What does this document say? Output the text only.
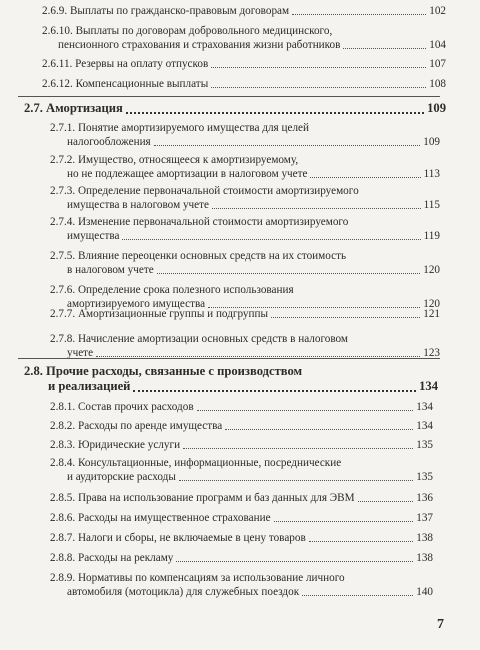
2.6.9. Выплаты по гражданско-правовым договорам	102
2.6.10. Выплаты по договорам добровольного медицинского,
пенсионного страхования и страхования жизни работников	104
2.6.11. Резервы на оплату отпусков	107
2.6.12. Компенсационные выплаты	108
2.7. Амортизация	109
2.7.1. Понятие амортизируемого имущества для целей
налогообложения	109
2.7.2. Имущество, относящееся к амортизируемому,
но не подлежащее амортизации в налоговом учете	113
2.7.3. Определение первоначальной стоимости амортизируемого
имущества в налоговом учете	115
2.7.4. Изменение первоначальной стоимости амортизируемого
имущества	119
2.7.5. Влияние переоценки основных средств на их стоимость
в налоговом учете	120
2.7.6. Определение срока полезного использования
амортизируемого имущества	120
2.7.7. Амортизационные группы и подгруппы	121
2.7.8. Начисление амортизации основных средств в налоговом
учете	123
2.8. Прочие расходы, связанные с производством
и реализацией	134
2.8.1. Состав прочих расходов	134
2.8.2. Расходы по аренде имущества	134
2.8.3. Юридические услуги	135
2.8.4. Консультационные, информационные, посреднические
и аудиторские расходы	135
2.8.5. Права на использование программ и баз данных для ЭВМ	136
2.8.6. Расходы на имущественное страхование	137
2.8.7. Налоги и сборы, не включаемые в цену товаров	138
2.8.8. Расходы на рекламу	138
2.8.9. Нормативы по компенсациям за использование личного
автомобиля (мотоцикла) для служебных поездок	140
7
